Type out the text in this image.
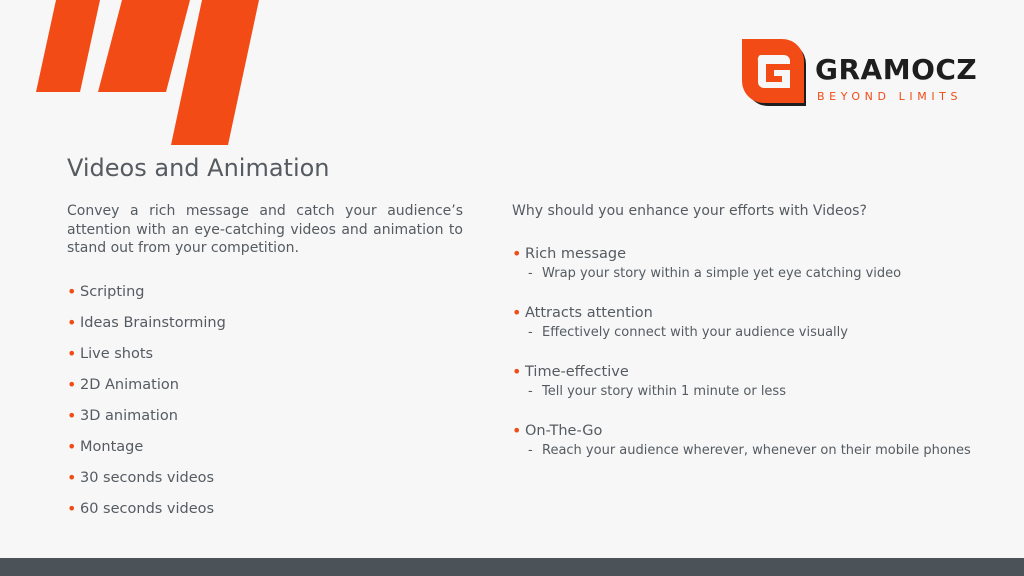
GRAMOCZ
BEYOND LIMITS
Videos and Animation

Convey a rich message and catch your audience’s attention with an eye-catching videos and animation to stand out from your competition.

• Scripting
• Ideas Brainstorming
• Live shots
• 2D Animation
• 3D animation
• Montage
• 30 seconds videos
• 60 seconds videos

Why should you enhance your efforts with Videos?

• Rich message
- Wrap your story within a simple yet eye catching video
• Attracts attention
- Effectively connect with your audience visually
• Time-effective
- Tell your story within 1 minute or less
• On-The-Go
- Reach your audience wherever, whenever on their mobile phones
